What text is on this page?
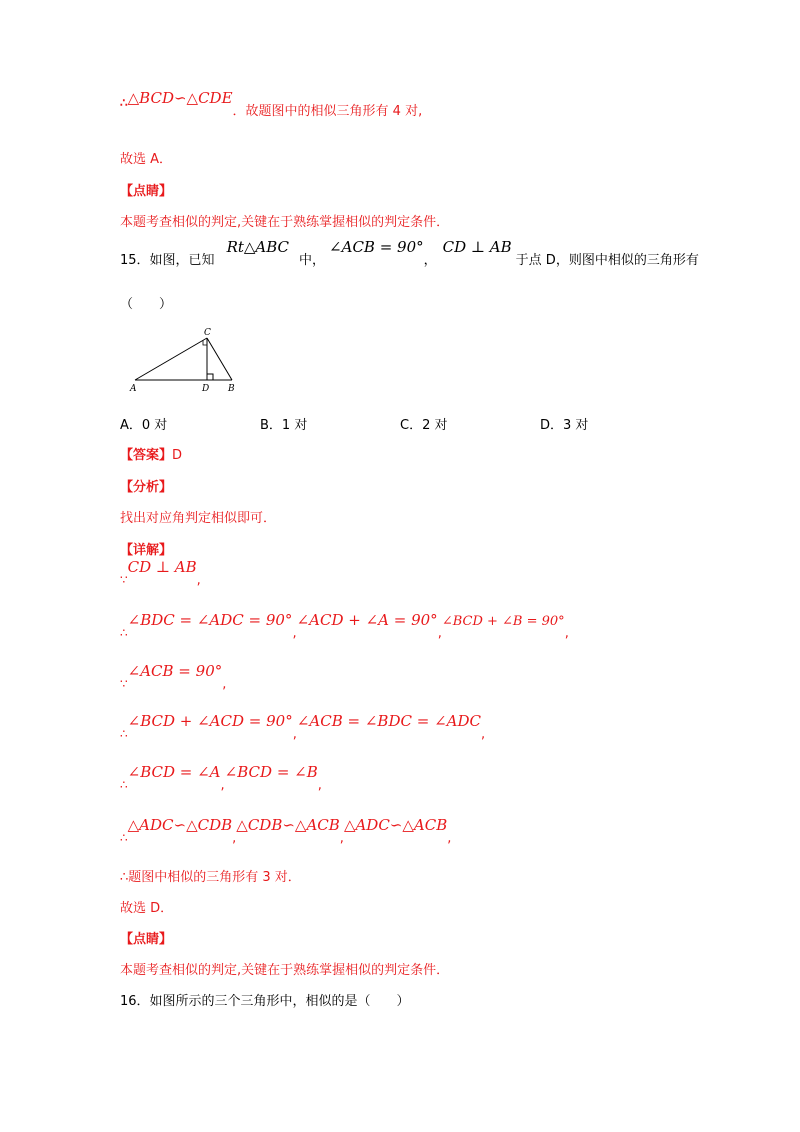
∴△BCD∽△CDE．故题图中的相似三角形有 4 对,
故选 A．
【点睛】
本题考查相似的判定,关键在于熟练掌握相似的判定条件．
15．如图，已知Rt△ABC中，∠ACB = 90°，CD ⊥ AB于点 D，则图中相似的三角形有
（　　）
A	B
C
D
A．0 对	B．1 对	C．2 对	D．3 对
【答案】D
【分析】
找出对应角判定相似即可．
【详解】
∵CD ⊥ AB,
∴∠BDC = ∠ADC = 90°,∠ACD + ∠A = 90°,∠BCD + ∠B = 90°,
∵∠ACB = 90°,
∴∠BCD + ∠ACD = 90°,∠ACB = ∠BDC = ∠ADC,
∴∠BCD = ∠A,∠BCD = ∠B,
∴△ADC∽△CDB,△CDB∽△ACB,△ADC∽△ACB,
∴题图中相似的三角形有 3 对．
故选 D．
【点睛】
本题考查相似的判定,关键在于熟练掌握相似的判定条件．
16．如图所示的三个三角形中，相似的是（　　）
